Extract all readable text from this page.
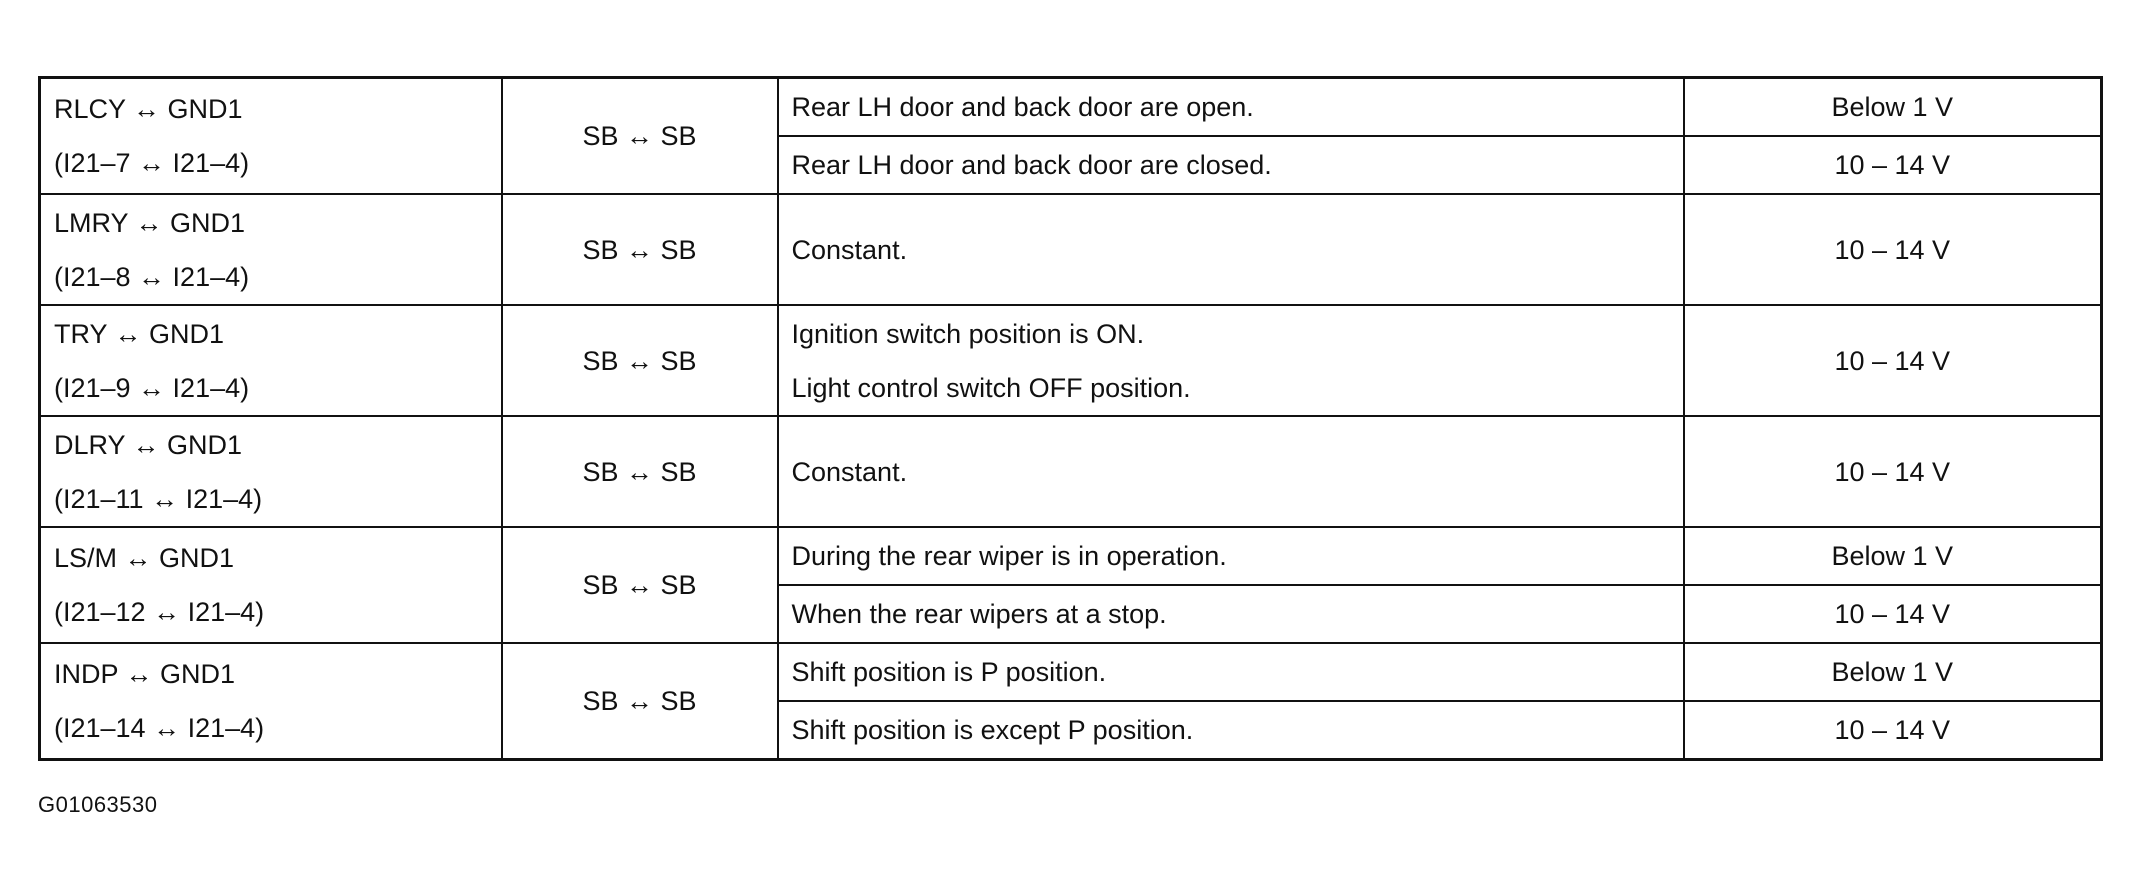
RLCY ↔ GND1
(I21–7 ↔ I21–4)	SB ↔ SB	Rear LH door and back door are open.	Below 1 V
		Rear LH door and back door are closed.	10 – 14 V

LMRY ↔ GND1
(I21–8 ↔ I21–4)	SB ↔ SB	Constant.	10 – 14 V

TRY ↔ GND1
(I21–9 ↔ I21–4)	SB ↔ SB	Ignition switch position is ON.
Light control switch OFF position.	10 – 14 V

DLRY ↔ GND1
(I21–11 ↔ I21–4)	SB ↔ SB	Constant.	10 – 14 V

LS/M ↔ GND1
(I21–12 ↔ I21–4)	SB ↔ SB	During the rear wiper is in operation.	Below 1 V
		When the rear wipers at a stop.	10 – 14 V

INDP ↔ GND1
(I21–14 ↔ I21–4)	SB ↔ SB	Shift position is P position.	Below 1 V
		Shift position is except P position.	10 – 14 V
G01063530
